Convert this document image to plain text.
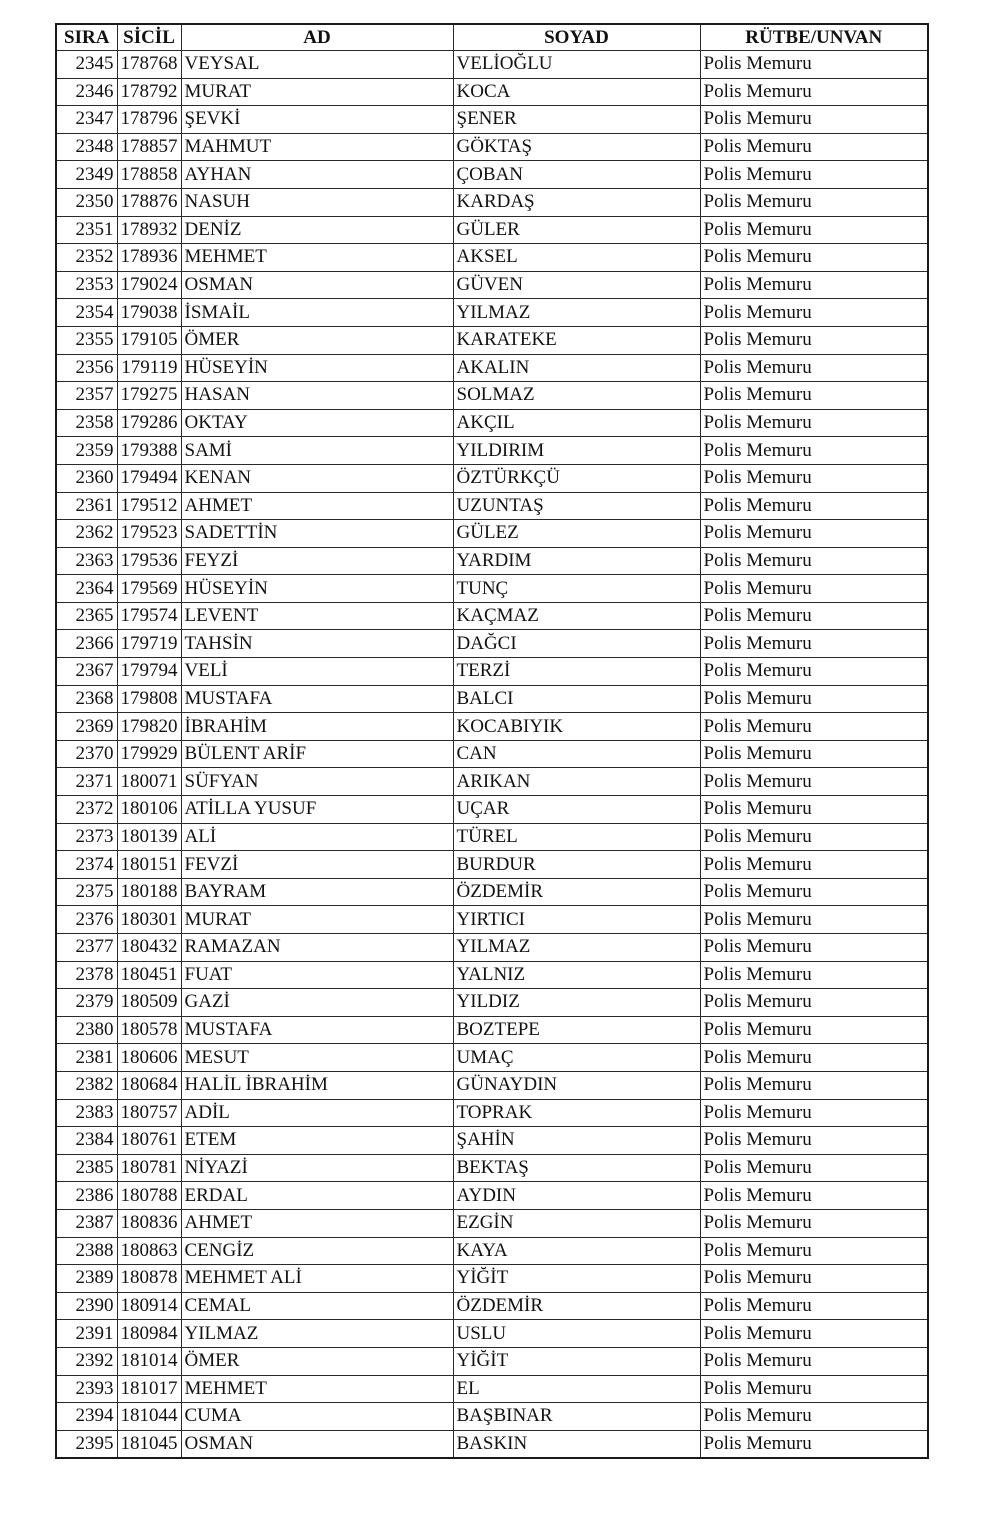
SIRA	SİCİL	AD	SOYAD	RÜTBE/UNVAN
2345	178768	VEYSAL	VELİOĞLU	Polis Memuru
2346	178792	MURAT	KOCA	Polis Memuru
2347	178796	ŞEVKİ	ŞENER	Polis Memuru
2348	178857	MAHMUT	GÖKTAŞ	Polis Memuru
2349	178858	AYHAN	ÇOBAN	Polis Memuru
2350	178876	NASUH	KARDAŞ	Polis Memuru
2351	178932	DENİZ	GÜLER	Polis Memuru
2352	178936	MEHMET	AKSEL	Polis Memuru
2353	179024	OSMAN	GÜVEN	Polis Memuru
2354	179038	İSMAİL	YILMAZ	Polis Memuru
2355	179105	ÖMER	KARATEKE	Polis Memuru
2356	179119	HÜSEYİN	AKALIN	Polis Memuru
2357	179275	HASAN	SOLMAZ	Polis Memuru
2358	179286	OKTAY	AKÇIL	Polis Memuru
2359	179388	SAMİ	YILDIRIM	Polis Memuru
2360	179494	KENAN	ÖZTÜRKÇÜ	Polis Memuru
2361	179512	AHMET	UZUNTAŞ	Polis Memuru
2362	179523	SADETTİN	GÜLEZ	Polis Memuru
2363	179536	FEYZİ	YARDIM	Polis Memuru
2364	179569	HÜSEYİN	TUNÇ	Polis Memuru
2365	179574	LEVENT	KAÇMAZ	Polis Memuru
2366	179719	TAHSİN	DAĞCI	Polis Memuru
2367	179794	VELİ	TERZİ	Polis Memuru
2368	179808	MUSTAFA	BALCI	Polis Memuru
2369	179820	İBRAHİM	KOCABIYIK	Polis Memuru
2370	179929	BÜLENT ARİF	CAN	Polis Memuru
2371	180071	SÜFYAN	ARIKAN	Polis Memuru
2372	180106	ATİLLA YUSUF	UÇAR	Polis Memuru
2373	180139	ALİ	TÜREL	Polis Memuru
2374	180151	FEVZİ	BURDUR	Polis Memuru
2375	180188	BAYRAM	ÖZDEMİR	Polis Memuru
2376	180301	MURAT	YIRTICI	Polis Memuru
2377	180432	RAMAZAN	YILMAZ	Polis Memuru
2378	180451	FUAT	YALNIZ	Polis Memuru
2379	180509	GAZİ	YILDIZ	Polis Memuru
2380	180578	MUSTAFA	BOZTEPE	Polis Memuru
2381	180606	MESUT	UMAÇ	Polis Memuru
2382	180684	HALİL İBRAHİM	GÜNAYDIN	Polis Memuru
2383	180757	ADİL	TOPRAK	Polis Memuru
2384	180761	ETEM	ŞAHİN	Polis Memuru
2385	180781	NİYAZİ	BEKTAŞ	Polis Memuru
2386	180788	ERDAL	AYDIN	Polis Memuru
2387	180836	AHMET	EZGİN	Polis Memuru
2388	180863	CENGİZ	KAYA	Polis Memuru
2389	180878	MEHMET ALİ	YİĞİT	Polis Memuru
2390	180914	CEMAL	ÖZDEMİR	Polis Memuru
2391	180984	YILMAZ	USLU	Polis Memuru
2392	181014	ÖMER	YİĞİT	Polis Memuru
2393	181017	MEHMET	EL	Polis Memuru
2394	181044	CUMA	BAŞBINAR	Polis Memuru
2395	181045	OSMAN	BASKIN	Polis Memuru
